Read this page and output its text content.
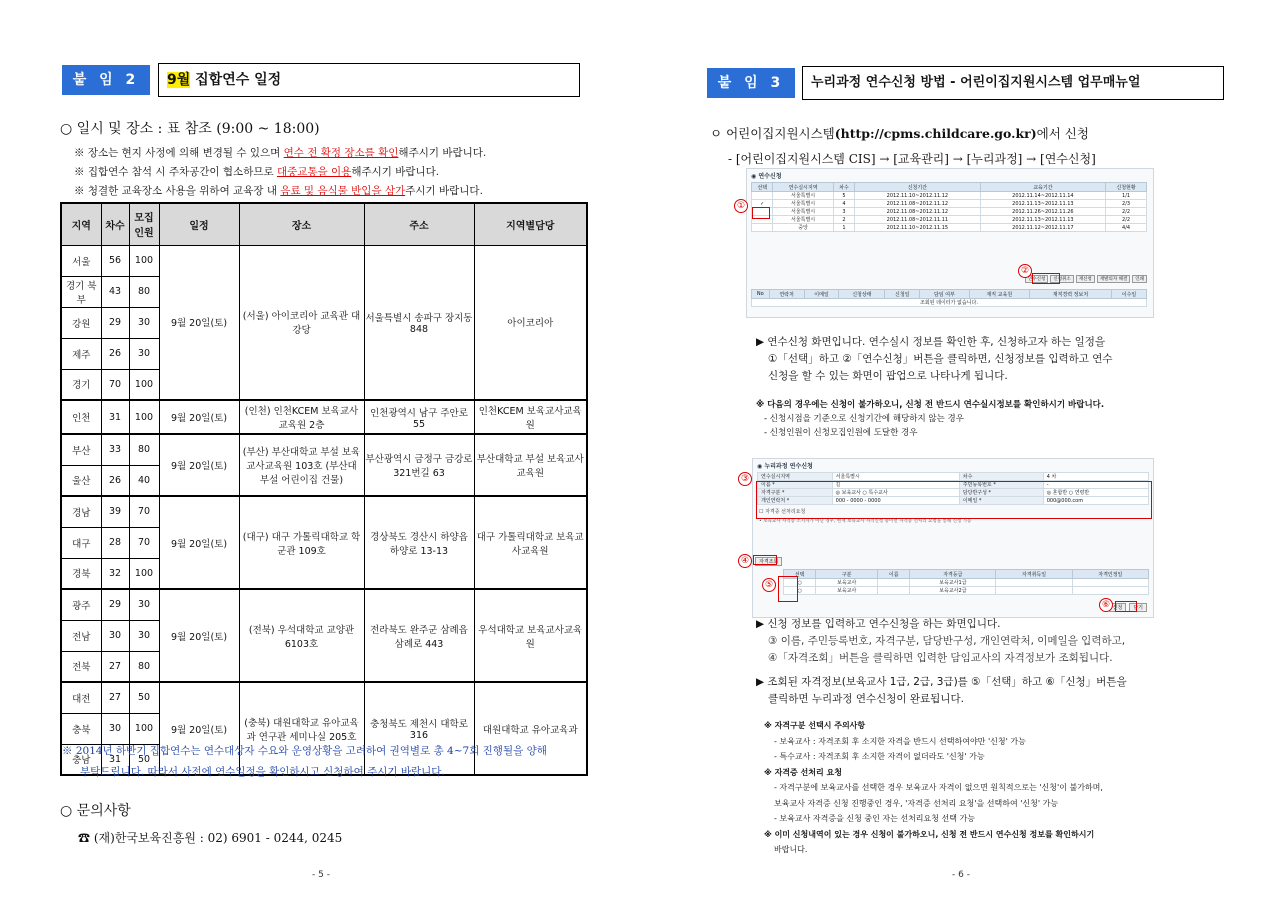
붙 임 2	9월 집합연수 일정
○ 일시 및 장소 : 표 참조 (9:00 ~ 18:00)
※ 장소는 현지 사정에 의해 변경될 수 있으며 연수 전 확정 장소를 확인해주시기 바랍니다.
※ 집합연수 참석 시 주차공간이 협소하므로 대중교통을 이용해주시기 바랍니다.
※ 청결한 교육장소 사용을 위하여 교육장 내 음료 및 음식물 반입을 삼가주시기 바랍니다.
지역	차수	모집 인원	일정	장소	주소	지역별담당
서울	56	100	9월 20일(토)	(서울) 아이코리아 교육관 대강당	서울특별시 송파구 장지동 848	아이코리아
경기 북부	43	80				
강원	29	30				
제주	26	30				
경기	70	100				
인천	31	100	9월 20일(토)	(인천) 인천KCEM 보육교사교육원 2층	인천광역시 남구 주안로 55	인천KCEM 보육교사교육원
부산	33	80	9월 20일(토)	(부산) 부산대학교 부설 보육교사교육원 103호 (부산대 부설 어린이집 건물)	부산광역시 금정구 금강로 321번길 63	부산대학교 부설 보육교사교육원
울산	26	40				
경남	39	70	9월 20일(토)	(대구) 대구 가톨릭대학교 학군관 109호	경상북도 경산시 하양읍 하양로 13-13	대구 가톨릭대학교 보육교사교육원
대구	28	70				
경북	32	100				
광주	29	30	9월 20일(토)	(전북) 우석대학교 교양관 6103호	전라북도 완주군 삼례읍 삼례로 443	우석대학교 보육교사교육원
전남	30	30				
전북	27	80				
대전	27	50	9월 20일(토)	(충북) 대원대학교 유아교육과 연구관 세미나실 205호	충청북도 제천시 대학로 316	대원대학교 유아교육과
충북	30	100				
충남	31	50				
※ 2014년 하반기 집합연수는 연수대상자 수요와 운영상황을 고려하여 권역별로 총 4~7회 진행될을 양해
부탁드립니다. 따라서 사전에 연수일정을 확인하시고 신청하여 주시기 바랍니다.
○ 문의사항
☎ (재)한국보육진흥원 : 02) 6901 - 0244, 0245
- 5 -
붙 임 3	누리과정 연수신청 방법 - 어린이집지원시스템 업무매뉴얼
ㅇ 어린이집지원시스템(http://cpms.childcare.go.kr)에서 신청
- [어린이집지원시스템 CIS] → [교육관리] → [누리과정] → [연수신청]
◉ 연수신청
선택	연수실시지역	차수	신청기간	교육기간	신청현황
	서울특별시	5	2012.11.10~2012.11.12	2012.11.14~2012.11.14	1/1
✓	서울특별시	4	2012.11.08~2012.11.12	2012.11.13~2012.11.13	2/3
	서울특별시	3	2012.11.08~2012.11.12	2012.11.26~2012.11.26	2/2
	서울특별시	2	2012.11.08~2012.11.11	2012.11.13~2012.11.13	2/2
	중앙	1	2012.11.10~2012.11.15	2012.11.12~2012.11.17	4/4
연수신청	신청취소	재신청	재발의자 해결	인쇄
No	연락처	이메일	신청상태	신청일	담임 여부	재직 교육원	재직경력 정보처	이수일
조회된 데이터가 없습니다.
①
②
▶ 연수신청 화면입니다. 연수실시 정보를 확인한 후, 신청하고자 하는 일정을
①「선택」하고 ②「연수신청」버튼을 클릭하면, 신청정보를 입력하고 연수
신청을 할 수 있는 화면이 팝업으로 나타나게 됩니다.
※ 다음의 경우에는 신청이 불가하오니, 신청 전 반드시 연수실시정보를 확인하시기 바랍니다.
- 신청시점을 기준으로 신청기간에 해당하지 않는 경우
- 신청인원이 신청모집인원에 도달한 경우
◉ 누리과정 연수신청
연수실시지역	서울특별시	차수	4 차
이름 *	길	주민등록번호 *	-
자격구분 *	◎ 보육교사 ○ 특수교사	담당반구성 *	◎ 혼합반 ○ 연령반
개인연락처 *	000 - 0000 - 0000	이메일 *	000@000.com
☐ 자격증 선처리요청
• 보육교사 자격증 소지자가 아닌 경우, 현재 보육교사 자격신청 중이면 자격증 선처리 요청을 통해 신청 가능
자격조회
선택	구분	이름	자격등급	자격취득일	자격인정일
○	보육교사		보육교사1급		
○	보육교사		보육교사2급		
신청	닫기
③
④
⑤
⑥
▶ 신청 정보를 입력하고 연수신청을 하는 화면입니다.
③ 이름, 주민등록번호, 자격구분, 담당반구성, 개인연락처, 이메일을 입력하고,
④「자격조회」버튼을 클릭하면 입력한 담임교사의 자격정보가 조회됩니다.
▶ 조회된 자격정보(보육교사 1급, 2급, 3급)를 ⑤「선택」하고 ⑥「신청」버튼을
클릭하면 누리과정 연수신청이 완료됩니다.
※ 자격구분 선택시 주의사항
- 보육교사 : 자격조회 후 소지한 자격을 반드시 선택하여야만 '신청' 가능
- 특수교사 : 자격조회 후 소지한 자격이 없더라도 '신청' 가능
※ 자격증 선처리 요청
- 자격구분에 보육교사를 선택한 경우 보육교사 자격이 없으면 원칙적으로는 '신청'이 불가하며,
보육교사 자격증 신청 진행중인 경우, '자격증 선처리 요청'을 선택하여 '신청' 가능
- 보육교사 자격증을 신청 중인 자는 선처리요청 선택 가능
※ 이미 신청내역이 있는 경우 신청이 불가하오니, 신청 전 반드시 연수신청 정보를 확인하시기
바랍니다.
- 6 -
